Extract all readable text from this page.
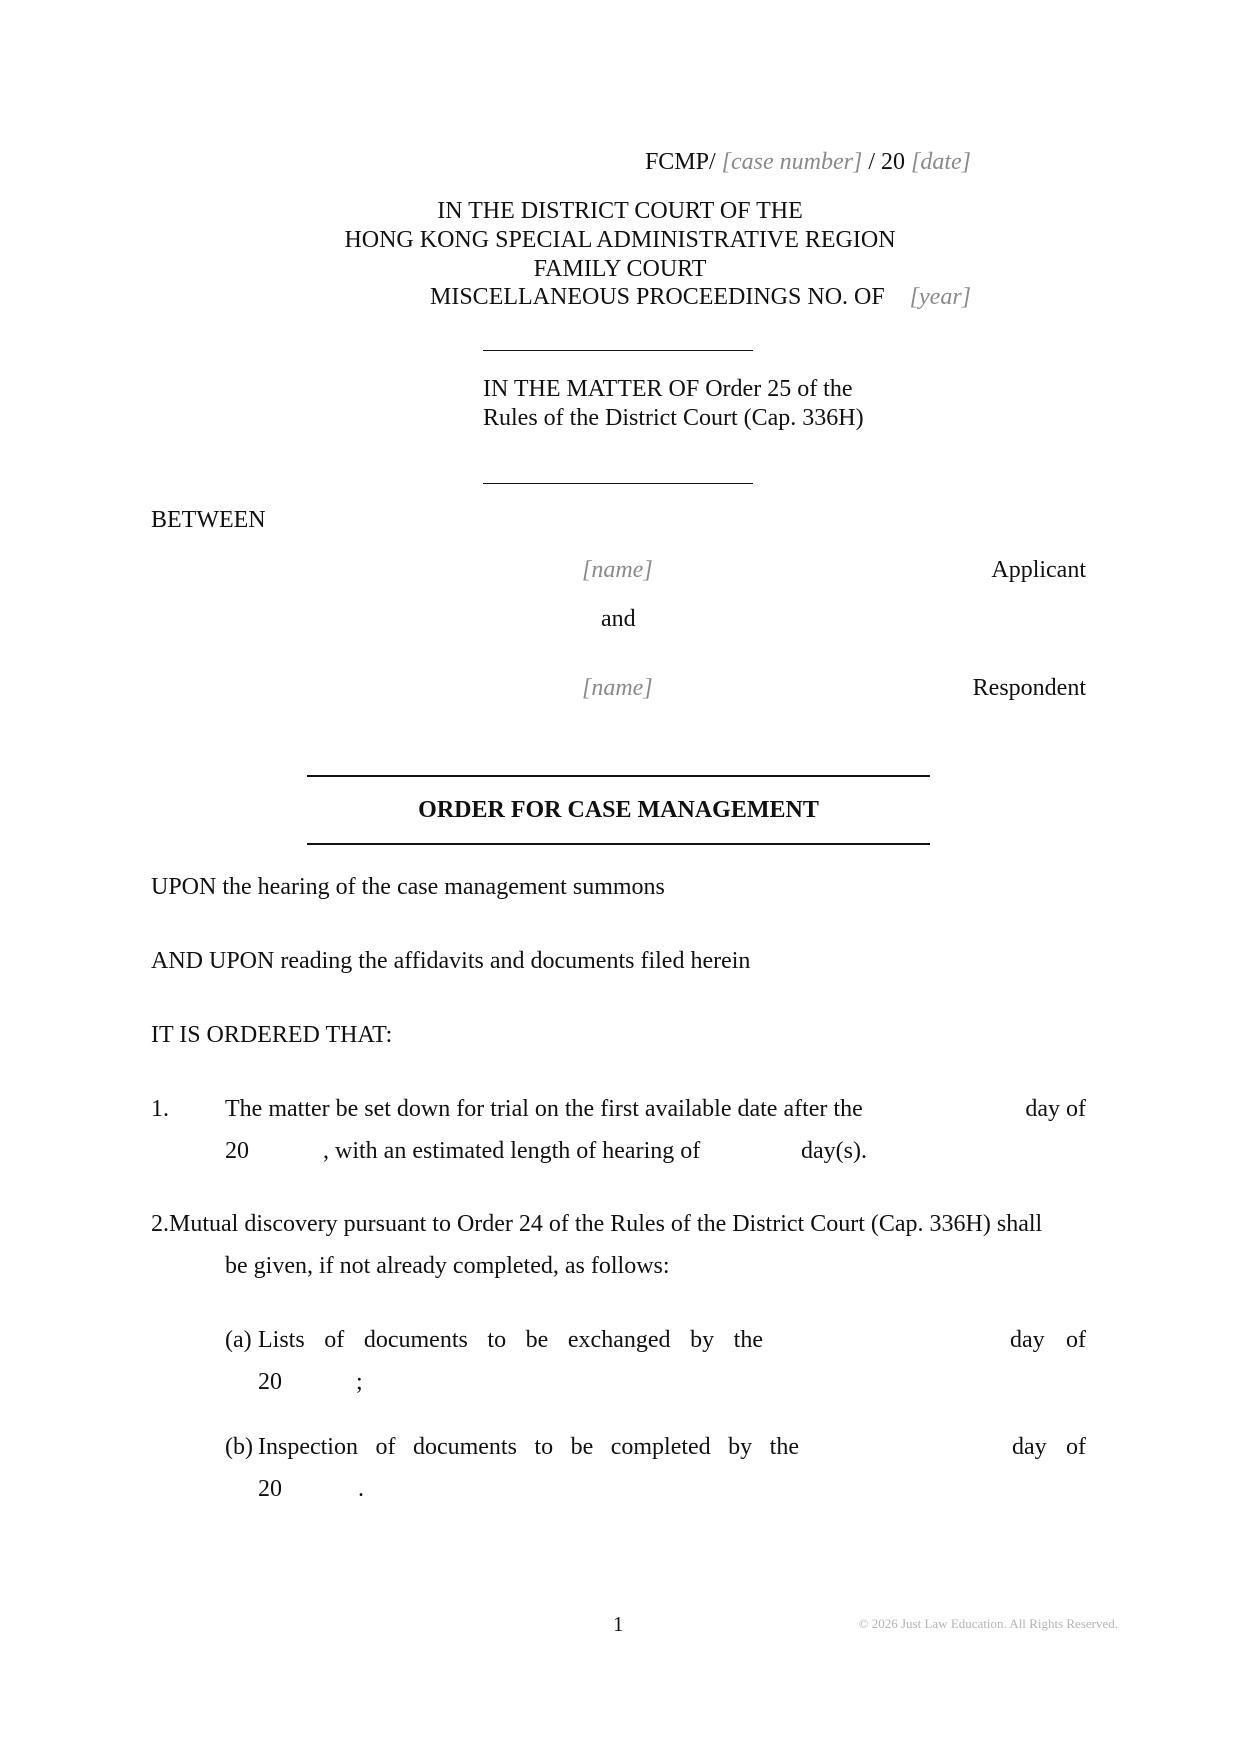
FCMP/ [case number] / 20 [date]
IN THE DISTRICT COURT OF THE
HONG KONG SPECIAL ADMINISTRATIVE REGION
FAMILY COURT
MISCELLANEOUS PROCEEDINGS NO. OF [year]
IN THE MATTER OF Order 25 of the
Rules of the District Court (Cap. 336H)
BETWEEN
[name]	Applicant
and
[name]	Respondent
ORDER FOR CASE MANAGEMENT
UPON the hearing of the case management summons
AND UPON reading the affidavits and documents filed herein
IT IS ORDERED THAT:
1. The matter be set down for trial on the first available date after the	day of
20	, with an estimated length of hearing of	day(s).
2.Mutual discovery pursuant to Order 24 of the Rules of the District Court (Cap. 336H) shall
be given, if not already completed, as follows:
(a) Lists of documents to be exchanged by the	day of
20	;
(b) Inspection of documents to be completed by the	day of
20	.
1	© 2026 Just Law Education. All Rights Reserved.
